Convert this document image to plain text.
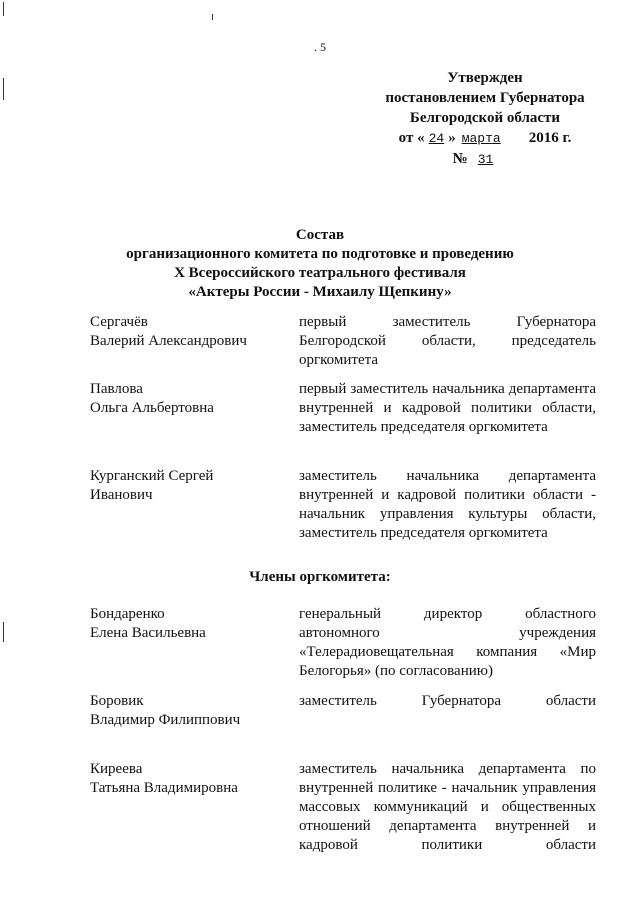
. 5
Утвержден
постановлением Губернатора
Белгородской области
от « 24 » марта 2016 г.
№ 31
Состав
организационного комитета по подготовке и проведению
X Всероссийского театрального фестиваля
«Актеры России - Михаилу Щепкину»
Сергачёв
Валерий Александрович
первый заместитель Губернатора Белгородской области, председатель оргкомитета
Павлова
Ольга Альбертовна
первый заместитель начальника департамента внутренней и кадровой политики области, заместитель председателя оргкомитета
Курганский Сергей
Иванович
заместитель начальника департамента внутренней и кадровой политики области - начальник управления культуры области, заместитель председателя оргкомитета
Члены оргкомитета:
Бондаренко
Елена Васильевна
генеральный директор областного автономного учреждения «Телерадиовещательная компания «Мир Белогорья» (по согласованию)
Боровик
Владимир Филиппович
заместитель Губернатора области
Киреева
Татьяна Владимировна
заместитель начальника департамента по внутренней политике - начальник управления массовых коммуникаций и общественных отношений департамента внутренней и кадровой политики области
